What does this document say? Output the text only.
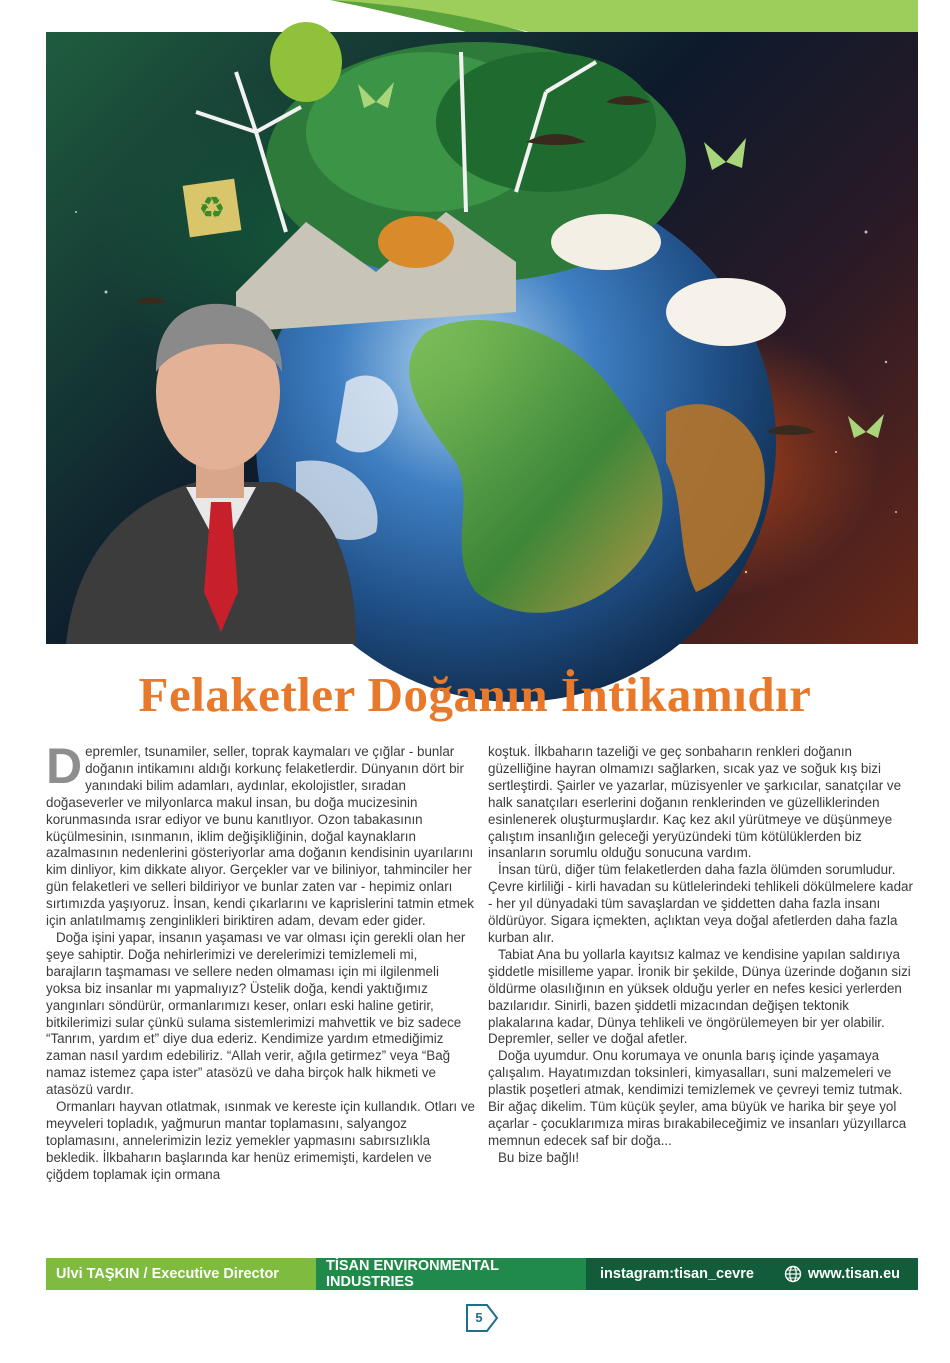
♻
Ulvi TAŞKIN
Felaketler Doğanın İntikamıdır

Depremler, tsunamiler, seller, toprak kaymaları ve çığlar - bunlar doğanın intikamını aldığı korkunç felaketlerdir. Dünyanın dört bir yanındaki bilim adamları, aydınlar, ekolojistler, sıradan doğaseverler ve milyonlarca makul insan, bu doğa mucizesinin korunmasında ısrar ediyor ve bunu kanıtlıyor. Ozon tabakasının küçülmesinin, ısınmanın, iklim değişikliğinin, doğal kaynakların azalmasının nedenlerini gösteriyorlar ama doğanın kendisinin uyarılarını kim dinliyor, kim dikkate alıyor. Gerçekler var ve biliniyor, tahminciler her gün felaketleri ve selleri bildiriyor ve bunlar zaten var - hepimiz onları sırtımızda yaşıyoruz. İnsan, kendi çıkarlarını ve kaprislerini tatmin etmek için anlatılmamış zenginlikleri biriktiren adam, devam eder gider.

Doğa işini yapar, insanın yaşaması ve var olması için gerekli olan her şeye sahiptir. Doğa nehirlerimizi ve derelerimizi temizlemeli mi, barajların taşmaması ve sellere neden olmaması için mi ilgilenmeli yoksa biz insanlar mı yapmalıyız? Üstelik doğa, kendi yaktığımız yangınları söndürür, ormanlarımızı keser, onları eski haline getirir, bitkilerimizi sular çünkü sulama sistemlerimizi mahvettik ve biz sadece “Tanrım, yardım et” diye dua ederiz. Kendimize yardım etmediğimiz zaman nasıl yardım edebiliriz. “Allah verir, ağıla getirmez” veya “Bağ namaz istemez çapa ister” atasözü ve daha birçok halk hikmeti ve atasözü vardır.

Ormanları hayvan otlatmak, ısınmak ve kereste için kullandık. Otları ve meyveleri topladık, yağmurun mantar toplamasını, salyangoz toplamasını, annelerimizin leziz yemekler yapmasını sabırsızlıkla bekledik. İlkbaharın başlarında kar henüz erimemişti, kardelen ve çiğdem toplamak için ormana

koştuk. İlkbaharın tazeliği ve geç sonbaharın renkleri doğanın güzelliğine hayran olmamızı sağlarken, sıcak yaz ve soğuk kış bizi sertleştirdi. Şairler ve yazarlar, müzisyenler ve şarkıcılar, sanatçılar ve halk sanatçıları eserlerini doğanın renklerinden ve güzelliklerinden esinlenerek oluşturmuşlardır. Kaç kez akıl yürütmeye ve düşünmeye çalıştım insanlığın geleceği yeryüzündeki tüm kötülüklerden biz insanların sorumlu olduğu sonucuna vardım.

İnsan türü, diğer tüm felaketlerden daha fazla ölümden sorumludur. Çevre kirliliği - kirli havadan su kütlelerindeki tehlikeli dökülmelere kadar - her yıl dünyadaki tüm savaşlardan ve şiddetten daha fazla insanı öldürüyor. Sigara içmekten, açlıktan veya doğal afetlerden daha fazla kurban alır.

Tabiat Ana bu yollarla kayıtsız kalmaz ve kendisine yapılan saldırıya şiddetle misilleme yapar. İronik bir şekilde, Dünya üzerinde doğanın sizi öldürme olasılığının en yüksek olduğu yerler en nefes kesici yerlerden bazılarıdır. Sinirli, bazen şiddetli mizacından değişen tektonik plakalarına kadar, Dünya tehlikeli ve öngörülemeyen bir yer olabilir. Depremler, seller ve doğal afetler.

Doğa uyumdur. Onu korumaya ve onunla barış içinde yaşamaya çalışalım. Hayatımızdan toksinleri, kimyasalları, suni malzemeleri ve plastik poşetleri atmak, kendimizi temizlemek ve çevreyi temiz tutmak. Bir ağaç dikelim. Tüm küçük şeyler, ama büyük ve harika bir şeye yol açarlar - çocuklarımıza miras bırakabileceğimiz ve insanları yüzyıllarca memnun edecek saf bir doğa...

Bu bize bağlı!

Ulvi TAŞKIN / Executive Director	TİSAN ENVIRONMENTAL INDUSTRIES	instagram:tisan_cevre	www.tisan.eu
5
